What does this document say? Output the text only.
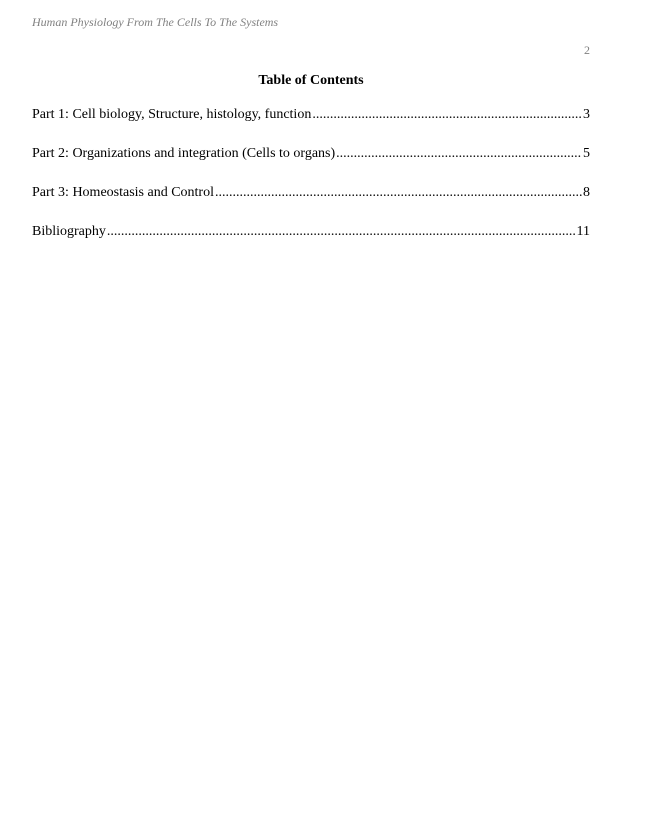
Human Physiology From The Cells To The Systems
2
Table of Contents
Part 1: Cell biology, Structure, histology, function .....	3
Part 2: Organizations and integration (Cells to organs) .....	5
Part 3: Homeostasis and Control .....	8
Bibliography .....	11
